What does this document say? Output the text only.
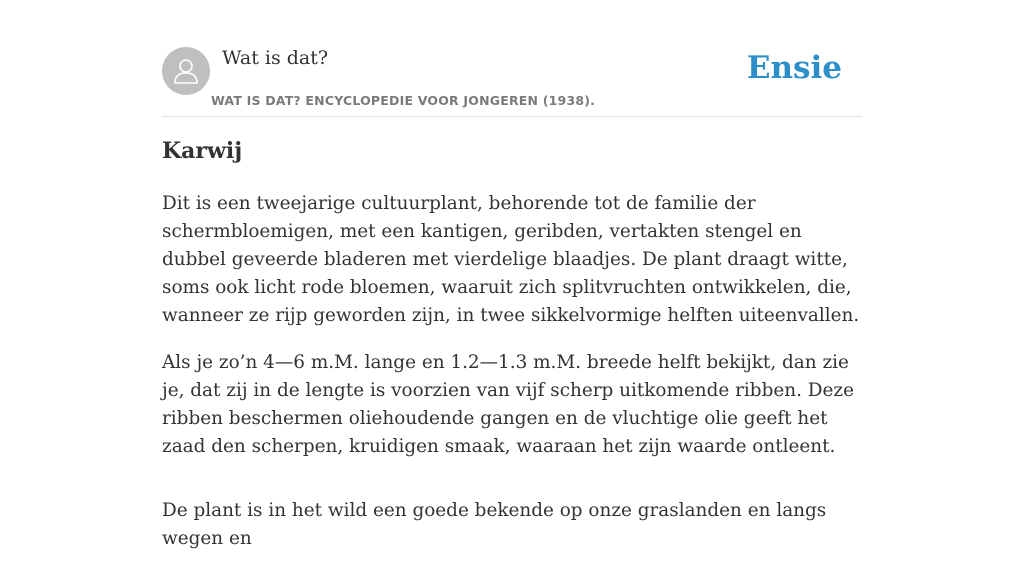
Wat is dat?
WAT IS DAT? ENCYCLOPEDIE VOOR JONGEREN (1938).
Ensie
Karwij

Dit is een tweejarige cultuurplant, behorende tot de familie der schermbloemigen, met een kantigen, geribden, vertakten stengel en dubbel geveerde bladeren met vierdelige blaadjes. De plant draagt witte, soms ook licht rode bloemen, waaruit zich splitvruchten ontwikkelen, die, wanneer ze rijp geworden zijn, in twee sikkelvormige helften uiteenvallen.

Als je zo’n 4—6 m.M. lange en 1.2—1.3 m.M. breede helft bekijkt, dan zie je, dat zij in de lengte is voorzien van vijf scherp uitkomende ribben. Deze ribben beschermen oliehoudende gangen en de vluchtige olie geeft het zaad den scherpen, kruidigen smaak, waaraan het zijn waarde ontleent.

De plant is in het wild een goede bekende op onze graslanden en langs wegen en
